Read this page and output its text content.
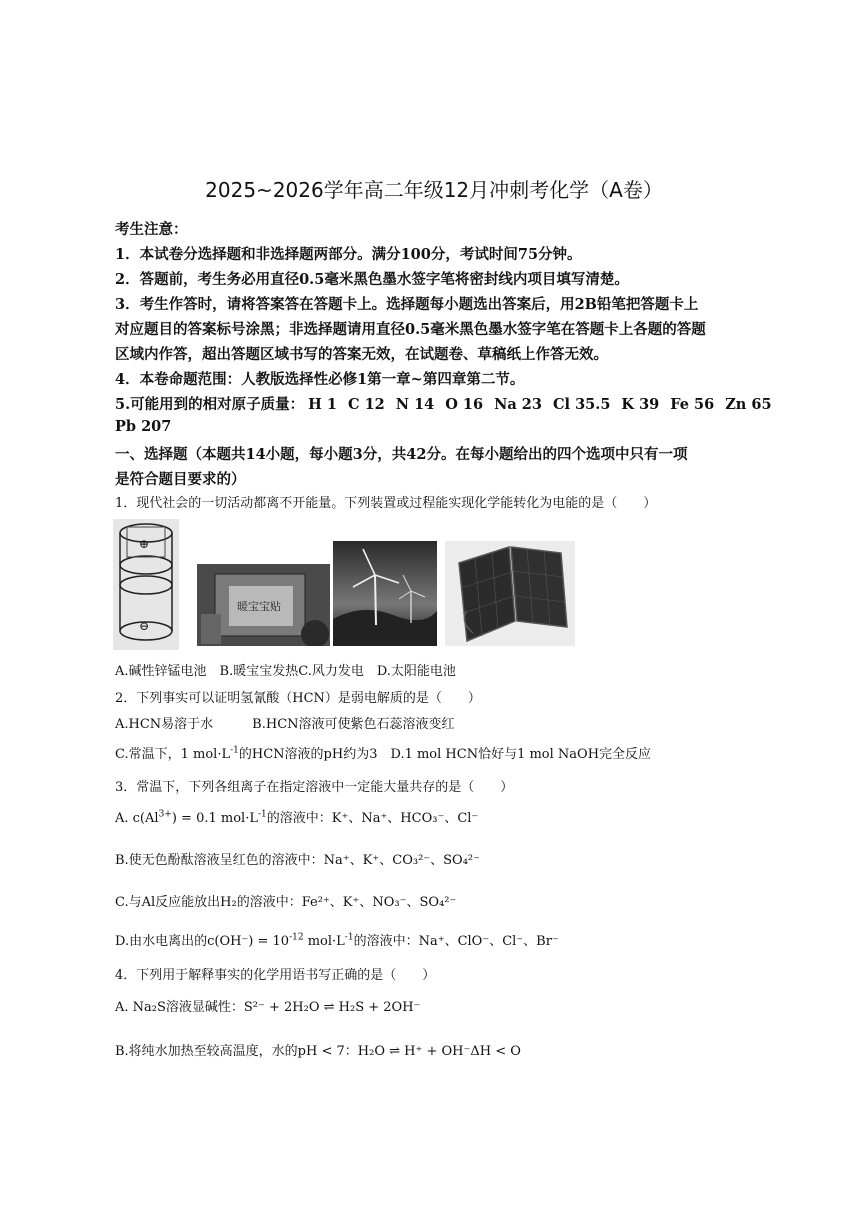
2025~2026学年高二年级12月冲刺考化学（A卷）
考生注意：
1．本试卷分选择题和非选择题两部分。满分100分，考试时间75分钟。
2．答题前，考生务必用直径0.5毫米黑色墨水签字笔将密封线内项目填写清楚。
3．考生作答时，请将答案答在答题卡上。选择题每小题选出答案后，用2B铅笔把答题卡上
对应题目的答案标号涂黑；非选择题请用直径0.5毫米黑色墨水签字笔在答题卡上各题的答题
区域内作答，超出答题区域书写的答案无效，在试题卷、草稿纸上作答无效。
4．本卷命题范围：人教版选择性必修1第一章~第四章第二节。
5.可能用到的相对原子质量： H 1 C 12 N 14 O 16 Na 23 Cl 35.5 K 39 Fe 56 Zn 65
Pb 207
一、选择题（本题共14小题，每小题3分，共42分。在每小题给出的四个选项中只有一项
是符合题目要求的）
1．现代社会的一切活动都离不开能量。下列装置或过程能实现化学能转化为电能的是（　　）
⊕
⊖
暖宝宝贴
A.碱性锌锰电池　B.暖宝宝发热C.风力发电　D.太阳能电池
2．下列事实可以证明氢氰酸（HCN）是弱电解质的是（　　）
A.HCN易溶于水　　　B.HCN溶液可使紫色石蕊溶液变红
C.常温下，1 $mol\cdot L^{-1}$的HCN溶液的pH约为3　D.1 mol HCN恰好与1 mol NaOH完全反应
3．常温下，下列各组离子在指定溶液中一定能大量共存的是（　　）
A. $c(Al^{3+}) = 0.1$ $mol\cdot L^{-1}$的溶液中：K⁺、Na⁺、HCO₃⁻、Cl⁻
B.使无色酚酞溶液呈红色的溶液中：Na⁺、K⁺、CO₃²⁻、SO₄²⁻
C.与Al反应能放出H₂的溶液中：Fe²⁺、K⁺、NO₃⁻、SO₄²⁻
D.由水电离出的$c(OH^-) = 10^{-12}$ $mol\cdot L^{-1}$的溶液中：Na⁺、ClO⁻、Cl⁻、Br⁻
4．下列用于解释事实的化学用语书写正确的是（　　）
A. Na₂S溶液显碱性：S²⁻ + 2H₂O ⇌ H₂S + 2OH⁻
B.将纯水加热至较高温度，水的pH < 7：H₂O ⇌ H⁺ + OH⁻ΔH < O
